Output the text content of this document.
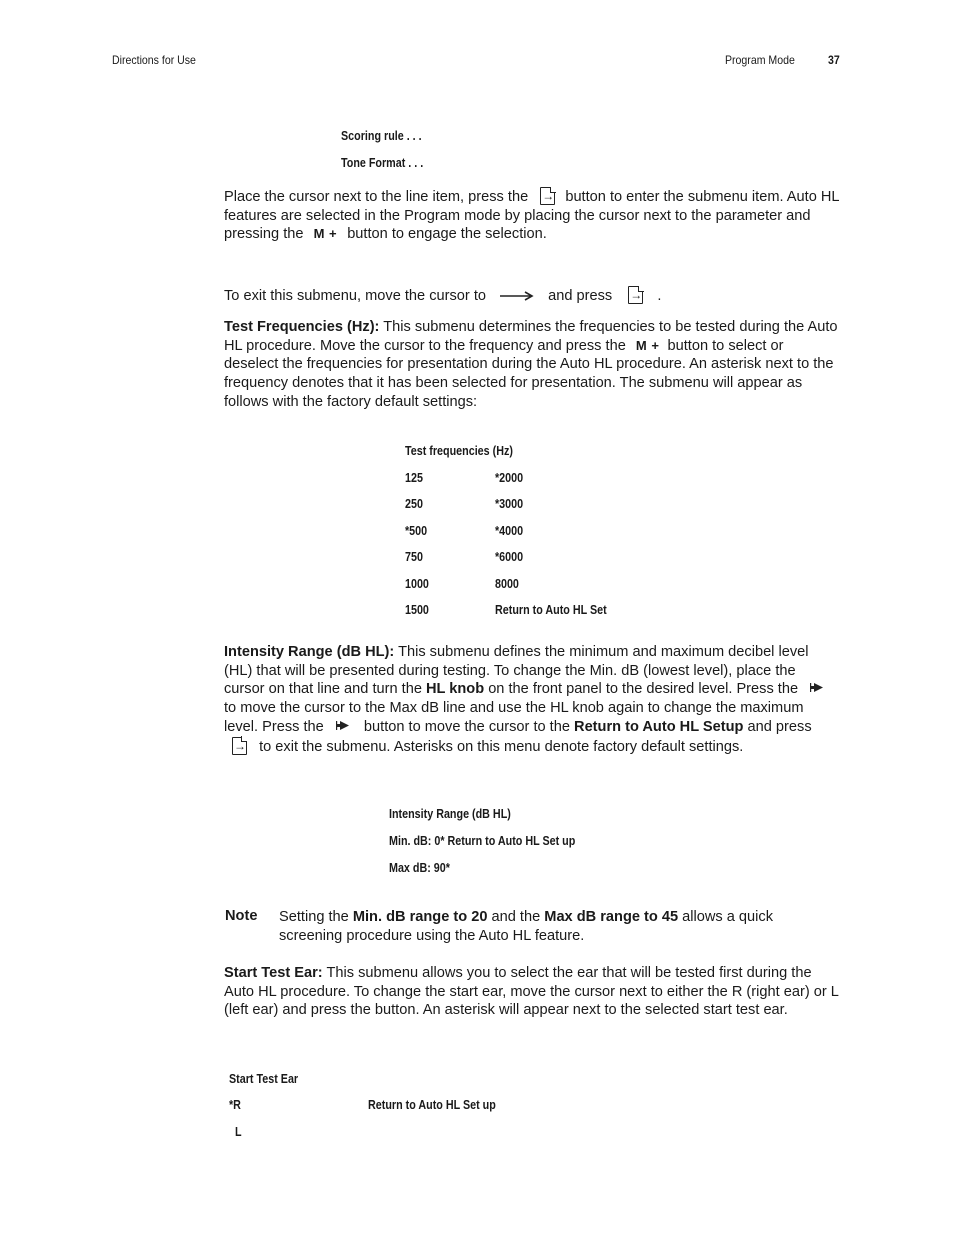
Directions for Use	Program Mode	37
Scoring rule . . .
Tone Format . . .
Place the cursor next to the line item, press the →	button to enter the submenu item. Auto HL features are selected in the Program mode by placing the cursor next to the parameter and pressing the M + button to engage the selection.
To exit this submenu, move the cursor to	and press →	.
Test Frequencies (Hz): This submenu determines the frequencies to be tested during the Auto HL procedure. Move the cursor to the frequency and press the M + button to select or deselect the frequencies for presentation during the Auto HL procedure. An asterisk next to the frequency denotes that it has been selected for presentation. The submenu will appear as follows with the factory default settings:
Test frequencies (Hz)
125	*2000
250	*3000
*500	*4000
750	*6000
1000	8000
1500	Return to Auto HL Set
Intensity Range (dB HL): This submenu defines the minimum and maximum decibel level (HL) that will be presented during testing. To change the Min. dB (lowest level), place the cursor on that line and turn the HL knob on the front panel to the desired level. Press the  to move the cursor to the Max dB line and use the HL knob again to change the maximum level. Press the	button to move the cursor to the Return to Auto HL Setup and press → to exit the submenu. Asterisks on this menu denote factory default settings.
Intensity Range (dB HL)
Min. dB: 0* Return to Auto HL Set up
Max dB: 90*
Note Setting the Min. dB range to 20 and the Max dB range to 45 allows a quick screening procedure using the Auto HL feature.
Start Test Ear: This submenu allows you to select the ear that will be tested first during the Auto HL procedure. To change the start ear, move the cursor next to either the R (right ear) or L (left ear) and press the button. An asterisk will appear next to the selected start test ear.
Start Test Ear
*R	Return to Auto HL Set up
L
